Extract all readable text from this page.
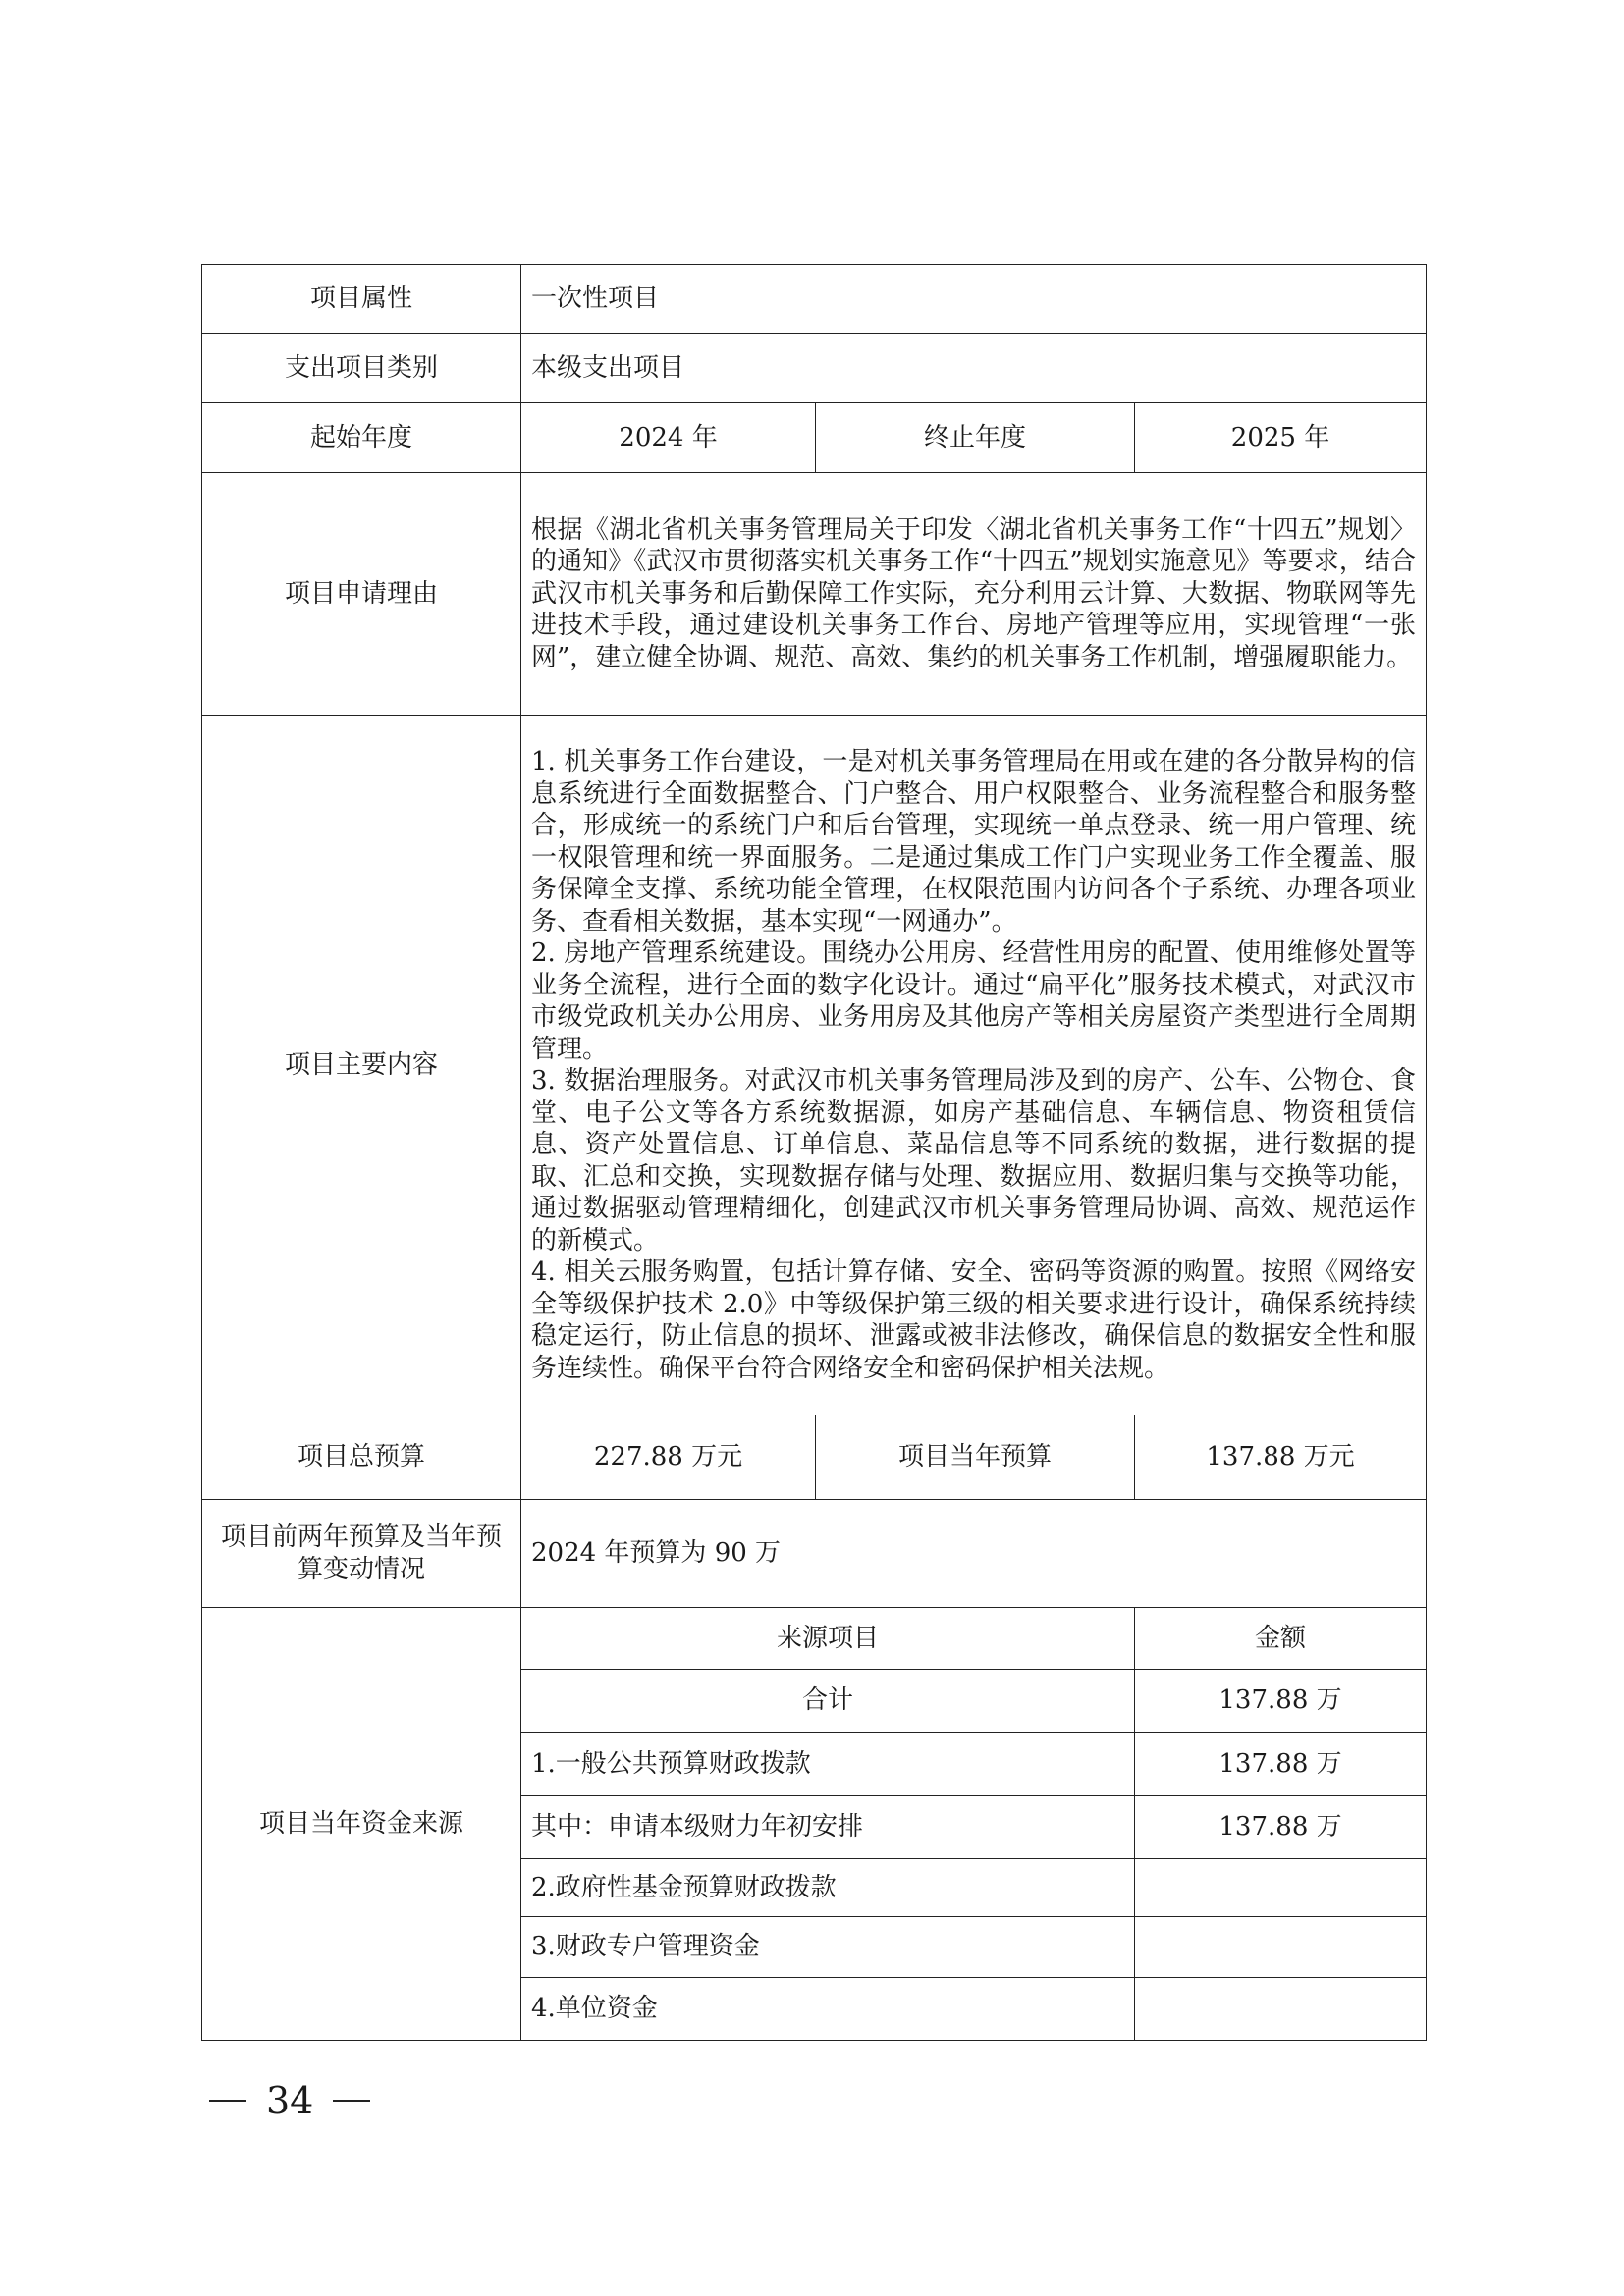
项目属性	一次性项目		
支出项目类别	本级支出项目		
起始年度	2024 年	终止年度	2025 年
项目申请理由	根据《湖北省机关事务管理局关于印发〈湖北省机关事务工作“十四五”规划〉的通知》《武汉市贯彻落实机关事务工作“十四五”规划实施意见》等要求，结合武汉市机关事务和后勤保障工作实际，充分利用云计算、大数据、物联网等先进技术手段，通过建设机关事务工作台、房地产管理等应用，实现管理“一张网”，建立健全协调、规范、高效、集约的机关事务工作机制，增强履职能力。		
项目主要内容	1. 机关事务工作台建设，一是对机关事务管理局在用或在建的各分散异构的信息系统进行全面数据整合、门户整合、用户权限整合、业务流程整合和服务整合，形成统一的系统门户和后台管理，实现统一单点登录、统一用户管理、统一权限管理和统一界面服务。二是通过集成工作门户实现业务工作全覆盖、服务保障全支撑、系统功能全管理，在权限范围内访问各个子系统、办理各项业务、查看相关数据，基本实现“一网通办”。

2. 房地产管理系统建设。围绕办公用房、经营性用房的配置、使用维修处置等业务全流程，进行全面的数字化设计。通过“扁平化”服务技术模式，对武汉市市级党政机关办公用房、业务用房及其他房产等相关房屋资产类型进行全周期管理。

3. 数据治理服务。对武汉市机关事务管理局涉及到的房产、公车、公物仓、食堂、电子公文等各方系统数据源，如房产基础信息、车辆信息、物资租赁信息、资产处置信息、订单信息、菜品信息等不同系统的数据，进行数据的提取、汇总和交换，实现数据存储与处理、数据应用、数据归集与交换等功能，通过数据驱动管理精细化，创建武汉市机关事务管理局协调、高效、规范运作的新模式。

4. 相关云服务购置，包括计算存储、安全、密码等资源的购置。按照《网络安全等级保护技术 2.0》中等级保护第三级的相关要求进行设计，确保系统持续稳定运行，防止信息的损坏、泄露或被非法修改，确保信息的数据安全性和服务连续性。确保平台符合网络安全和密码保护相关法规。		

项目总预算	227.88 万元	项目当年预算	137.88 万元
项目前两年预算及当年预算变动情况	2024 年预算为 90 万		
项目当年资金来源	来源项目		金额
	合计		137.88 万
	1.一般公共预算财政拨款		137.88 万
	其中：申请本级财力年初安排		137.88 万
	2.政府性基金预算财政拨款		
	3.财政专户管理资金		
	4.单位资金		
34
